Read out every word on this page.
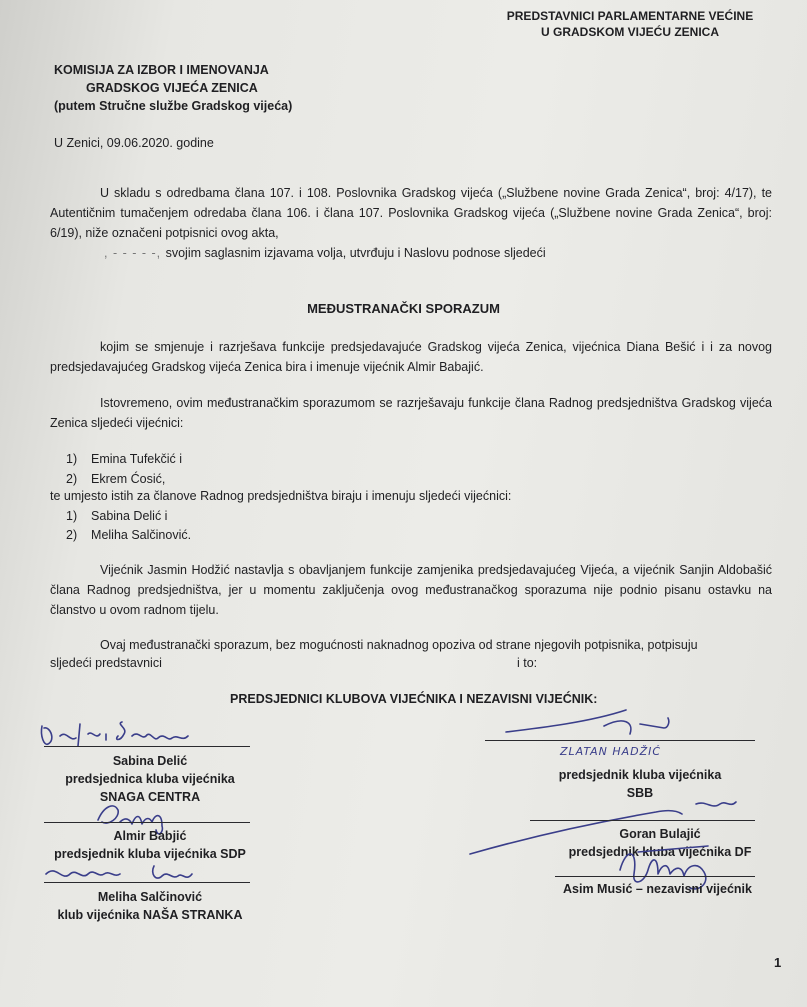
PREDSTAVNICI PARLAMENTARNE VEĆINE
U GRADSKOM VIJEĆU ZENICA
KOMISIJA ZA IZBOR I IMENOVANJA
GRADSKOG VIJEĆA ZENICA
(putem Stručne službe Gradskog vijeća)
U Zenici, 09.06.2020. godine
U skladu s odredbama člana 107. i 108. Poslovnika Gradskog vijeća („Službene novine Grada Zenica“, broj: 4/17), te Autentičnim tumačenjem odredaba člana 106. i člana 107. Poslovnika Gradskog vijeća („Službene novine Grada Zenica“, broj: 6/19), niže označeni potpisnici ovog akta,
, - - - - -, svojim saglasnim izjavama volja, utvrđuju i Naslovu podnose sljedeći
MEĐUSTRANAČKI SPORAZUM
kojim se smjenuje i razrješava funkcije predsjedavajuće Gradskog vijeća Zenica, vijećnica Diana Bešić i i za novog predsjedavajućeg Gradskog vijeća Zenica bira i imenuje vijećnik Almir Babajić.
Istovremeno, ovim međustranačkim sporazumom se razrješavaju funkcije člana Radnog predsjedništva Gradskog vijeća Zenica sljedeći vijećnici:
1) Emina Tufekčić i
2) Ekrem Ćosić,
te umjesto istih za članove Radnog predsjedništva biraju i imenuju sljedeći vijećnici:
1) Sabina Delić i
2) Meliha Salčinović.
Vijećnik Jasmin Hodžić nastavlja s obavljanjem funkcije zamjenika predsjedavajućeg Vijeća, a vijećnik Sanjin Aldobašić člana Radnog predsjedništva, jer u momentu zaključenja ovog međustranačkog sporazuma nije podnio pisanu ostavku na članstvo u ovom radnom tijelu.
Ovaj međustranački sporazum, bez mogućnosti naknadnog opoziva od strane njegovih potpisnika, potpisuju
sljedeći predstavnici	i to:
PREDSJEDNICI KLUBOVA VIJEĆNIKA I NEZAVISNI VIJEĆNIK:
Sabina Delić
predsjednica kluba vijećnika
SNAGA CENTRA
Almir Babjić
predsjednik kluba vijećnika SDP
Meliha Salčinović
klub vijećnika NAŠA STRANKA
ZLATAN HADŽIĆ
predsjednik kluba vijećnika
SBB
Goran Bulajić
predsjednik kluba vijećnika DF
Asim Musić – nezavisni vijećnik
1
